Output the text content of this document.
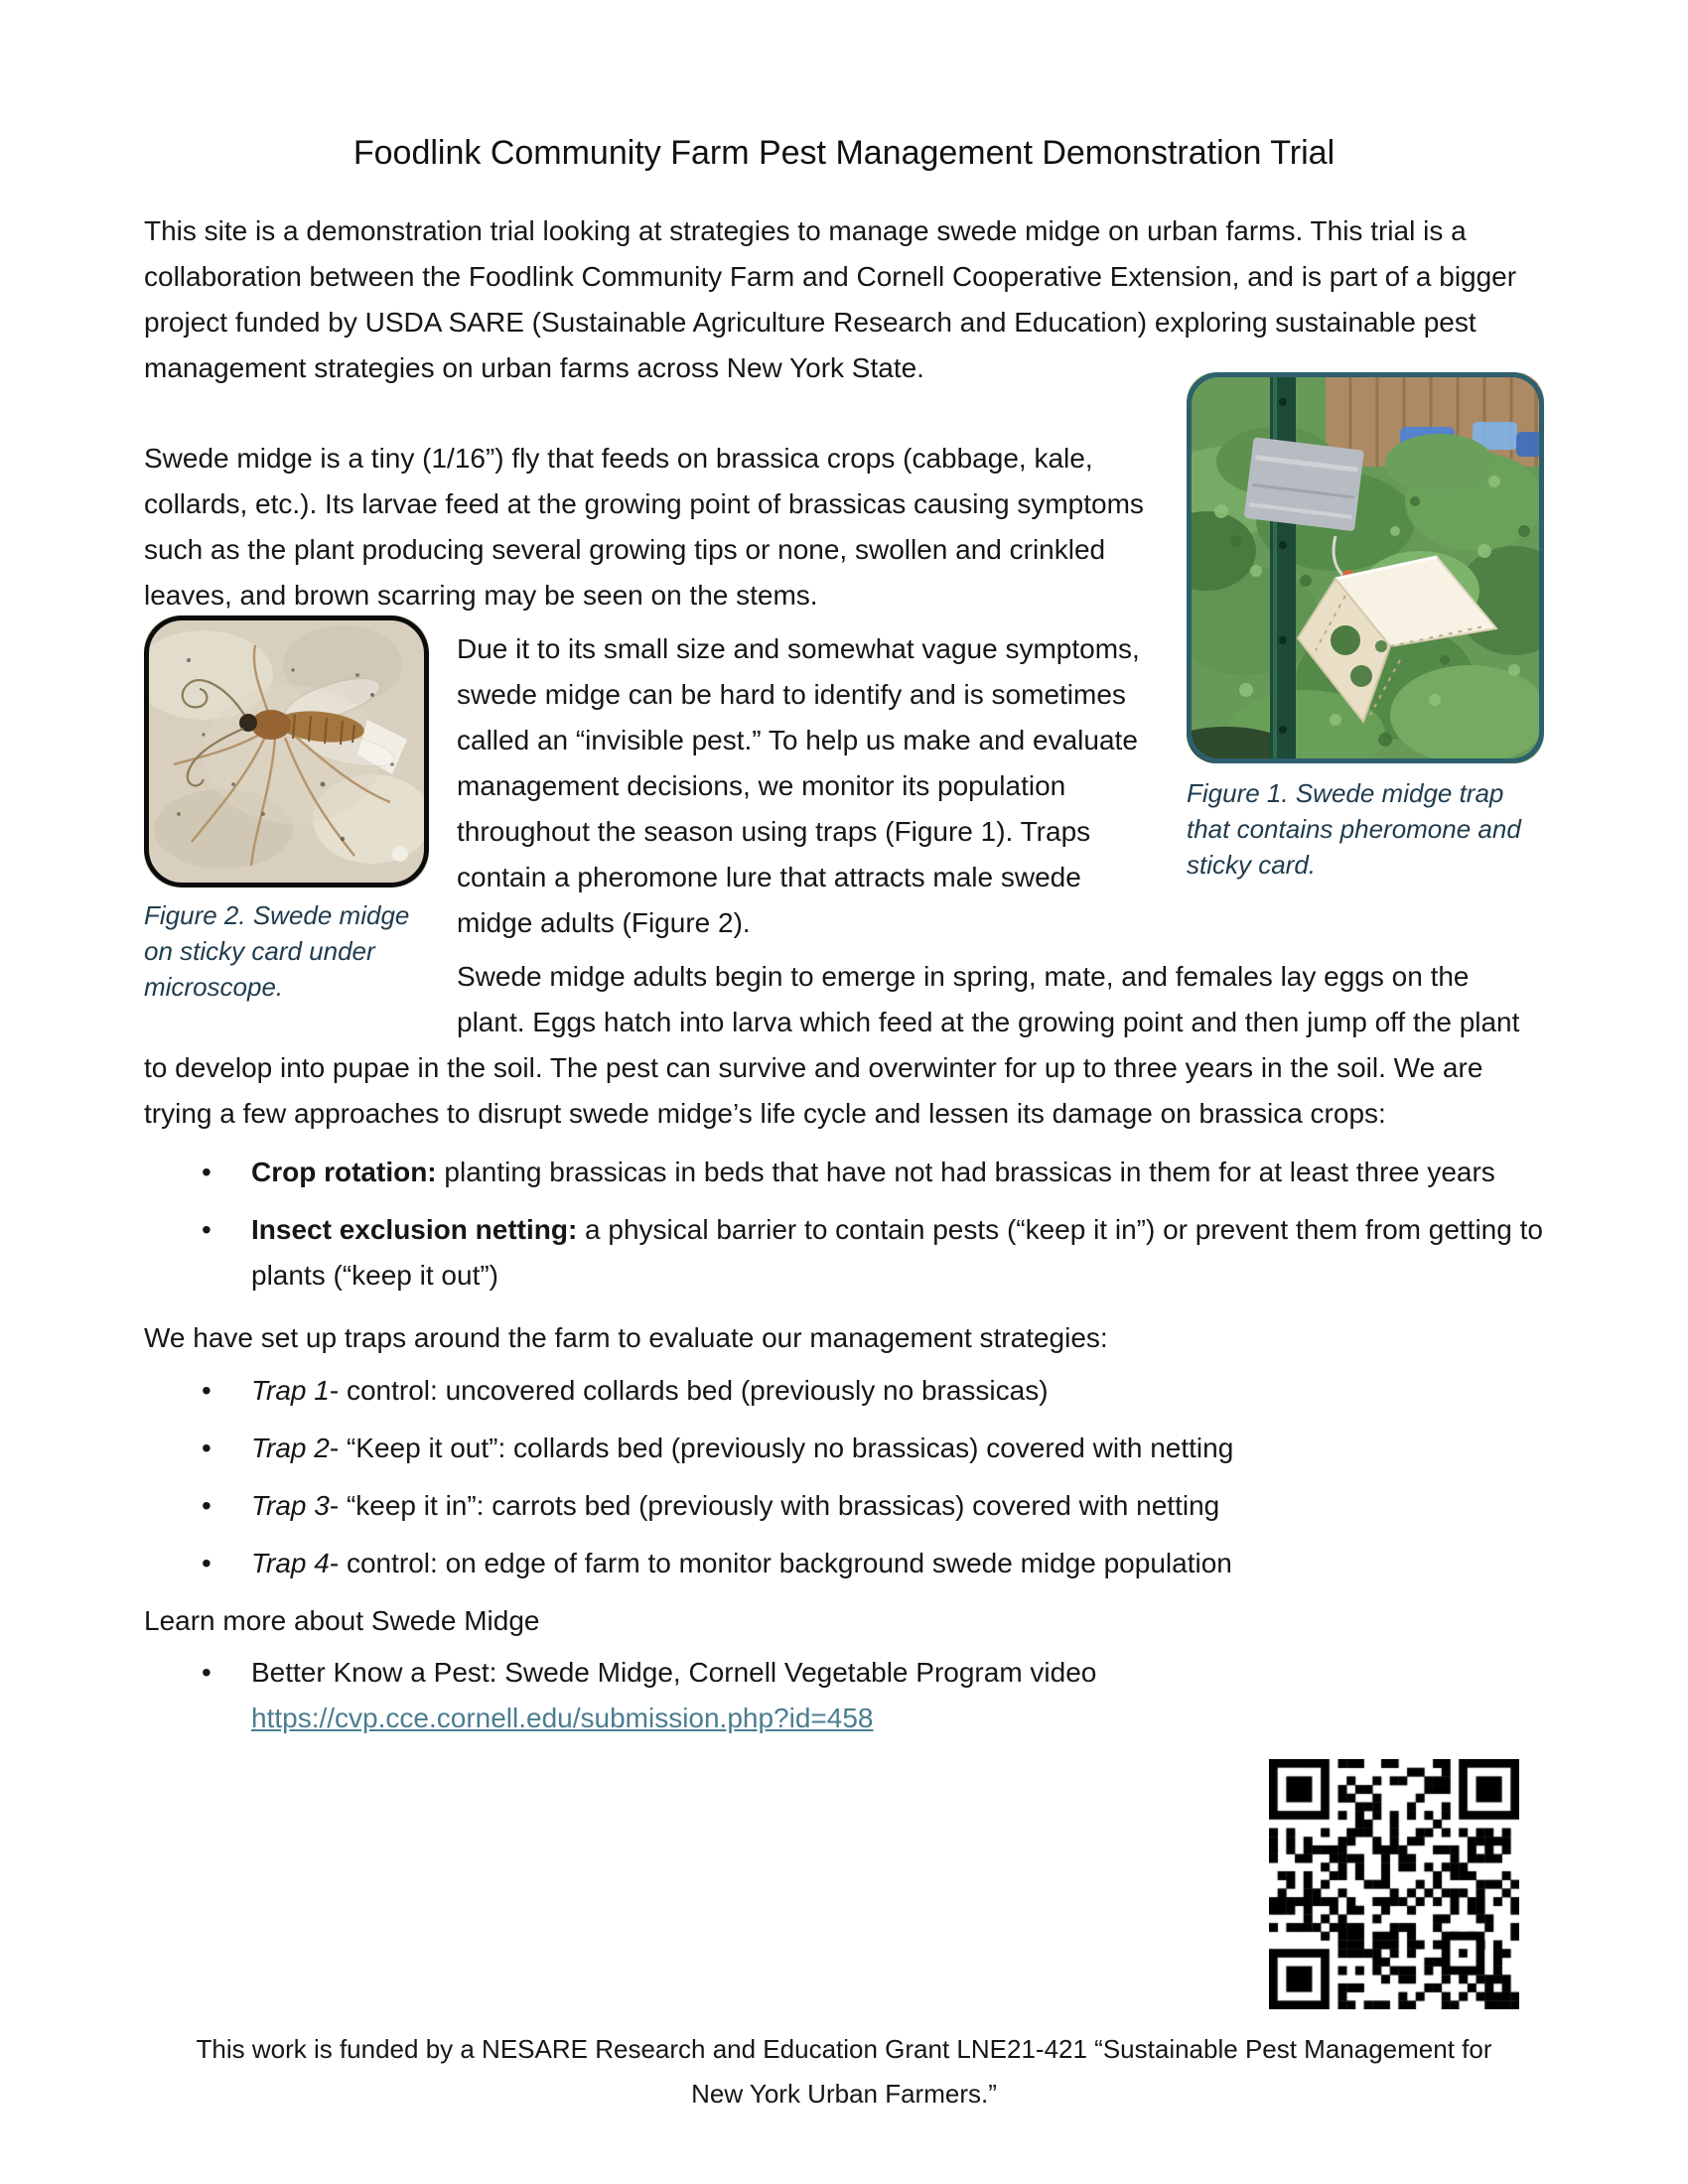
Foodlink Community Farm Pest Management Demonstration Trial

This site is a demonstration trial looking at strategies to manage swede midge on urban farms. This trial is a collaboration between the Foodlink Community Farm and Cornell Cooperative Extension, and is part of a bigger project funded by USDA SARE (Sustainable Agriculture Research and Education) exploring sustainable pest management strategies on urban farms across New York State.

Figure 1. Swede midge trap that contains pheromone and sticky card.
Swede midge is a tiny (1/16”) fly that feeds on brassica crops (cabbage, kale, collards, etc.). Its larvae feed at the growing point of brassicas causing symptoms such as the plant producing several growing tips or none, swollen and crinkled leaves, and brown scarring may be seen on the stems.

Figure 2. Swede midge on sticky card under microscope.
Due it to its small size and somewhat vague symptoms, swede midge can be hard to identify and is sometimes called an “invisible pest.” To help us make and evaluate management decisions, we monitor its population throughout the season using traps (Figure 1). Traps contain a pheromone lure that attracts male swede midge adults (Figure 2).

Swede midge adults begin to emerge in spring, mate, and females lay eggs on the plant. Eggs hatch into larva which feed at the growing point and then jump off the plant to develop into pupae in the soil. The pest can survive and overwinter for up to three years in the soil. We are trying a few approaches to disrupt swede midge’s life cycle and lessen its damage on brassica crops:

• Crop rotation: planting brassicas in beds that have not had brassicas in them for at least three years
• Insect exclusion netting: a physical barrier to contain pests (“keep it in”) or prevent them from getting to plants (“keep it out”)

We have set up traps around the farm to evaluate our management strategies:

• Trap 1- control: uncovered collards bed (previously no brassicas)
• Trap 2- “Keep it out”: collards bed (previously no brassicas) covered with netting
• Trap 3- “keep it in”: carrots bed (previously with brassicas) covered with netting
• Trap 4- control: on edge of farm to monitor background swede midge population

Learn more about Swede Midge

• Better Know a Pest: Swede Midge, Cornell Vegetable Program video
https://cvp.cce.cornell.edu/submission.php?id=458
This work is funded by a NESARE Research and Education Grant LNE21-421 “Sustainable Pest Management for New York Urban Farmers.”
